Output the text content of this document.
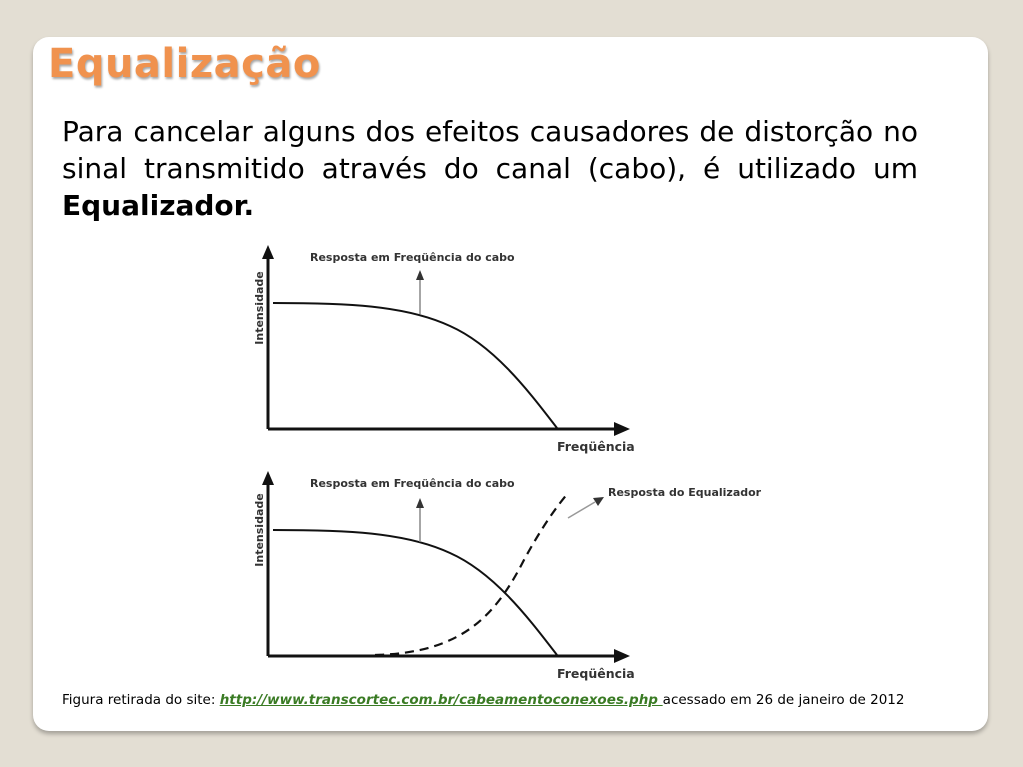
Equalização
Para cancelar alguns dos efeitos causadores de distorção no sinal transmitido através do canal (cabo), é utilizado um Equalizador.
Intensidade
Freqüência
Resposta em Freqüência do cabo
Intensidade
Freqüência
Resposta em Freqüência do cabo
Resposta do Equalizador
Figura retirada do site: http://www.transcortec.com.br/cabeamentoconexoes.php acessado em 26 de janeiro de 2012
